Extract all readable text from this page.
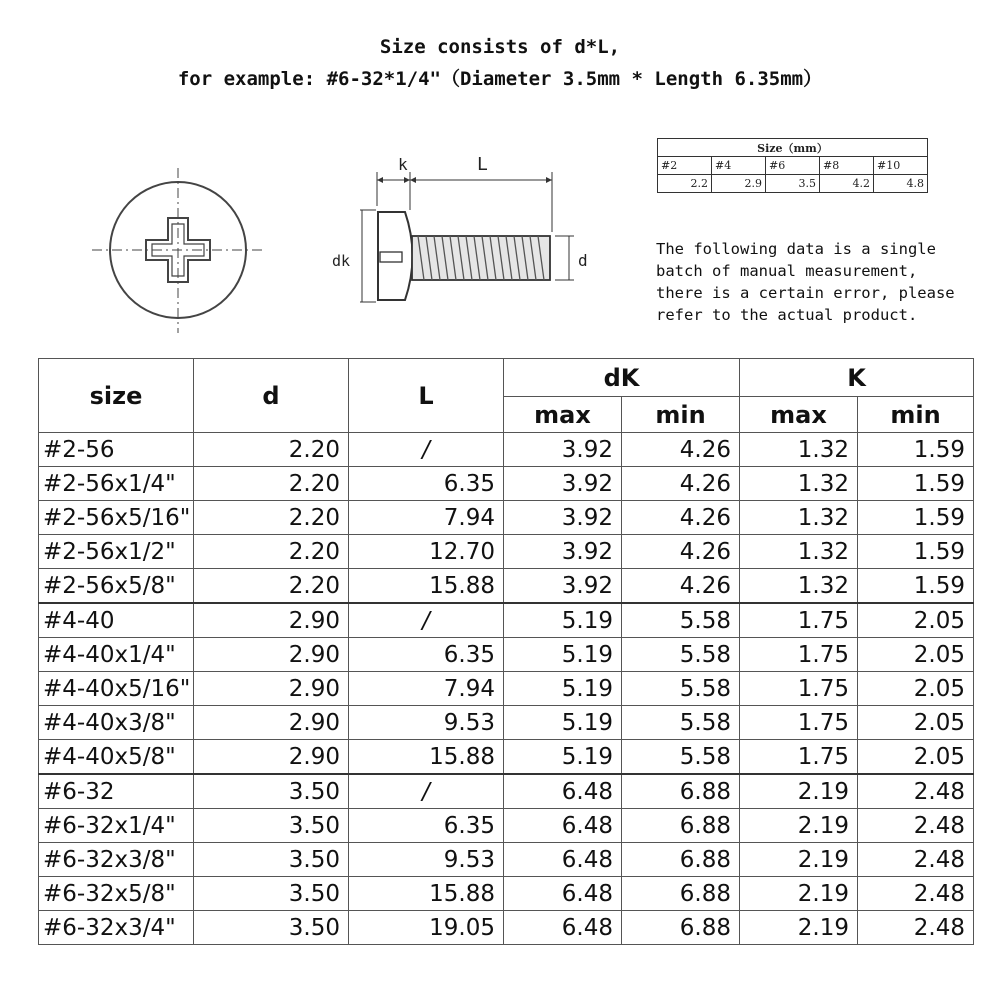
Size consists of d*L,
for example: #6-32*1/4"（Diameter 3.5mm * Length 6.35mm）
k	L
dk	d
Size（mm）				
#2	#4	#6	#8	#10
2.2	2.9	3.5	4.2	4.8
The following data is a single
batch of manual measurement,
there is a certain error, please
refer to the actual product.
size	d	L	dK		K	
			max	min	max	min
#2-56	2.20	/	3.92	4.26	1.32	1.59
#2-56x1/4"	2.20	6.35	3.92	4.26	1.32	1.59
#2-56x5/16"	2.20	7.94	3.92	4.26	1.32	1.59
#2-56x1/2"	2.20	12.70	3.92	4.26	1.32	1.59
#2-56x5/8"	2.20	15.88	3.92	4.26	1.32	1.59
#4-40	2.90	/	5.19	5.58	1.75	2.05
#4-40x1/4"	2.90	6.35	5.19	5.58	1.75	2.05
#4-40x5/16"	2.90	7.94	5.19	5.58	1.75	2.05
#4-40x3/8"	2.90	9.53	5.19	5.58	1.75	2.05
#4-40x5/8"	2.90	15.88	5.19	5.58	1.75	2.05
#6-32	3.50	/	6.48	6.88	2.19	2.48
#6-32x1/4"	3.50	6.35	6.48	6.88	2.19	2.48
#6-32x3/8"	3.50	9.53	6.48	6.88	2.19	2.48
#6-32x5/8"	3.50	15.88	6.48	6.88	2.19	2.48
#6-32x3/4"	3.50	19.05	6.48	6.88	2.19	2.48
